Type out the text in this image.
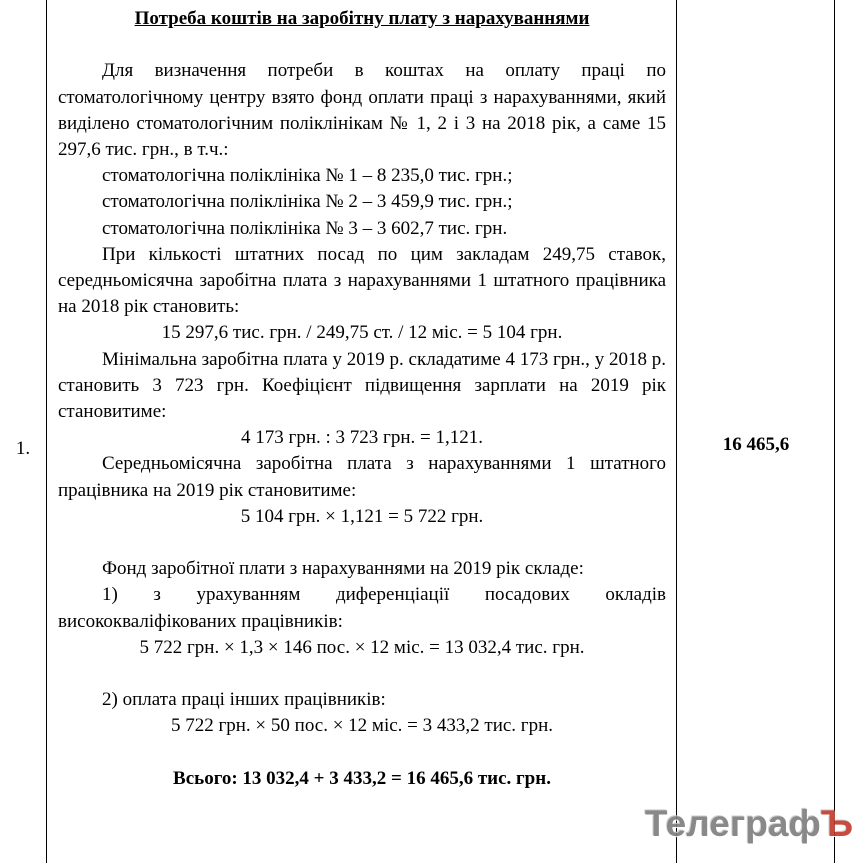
1.

Потреба коштів на заробітну плату з нарахуваннями

Для визначення потреби в коштах на оплату праці по стоматологічному центру взято фонд оплати праці з нарахуваннями, який виділено стоматологічним поліклінікам № 1, 2 і 3 на 2018 рік, а саме 15 297,6 тис. грн., в т.ч.:

стоматологічна поліклініка № 1 – 8 235,0 тис. грн.;

стоматологічна поліклініка № 2 – 3 459,9 тис. грн.;

стоматологічна поліклініка № 3 – 3 602,7 тис. грн.

При кількості штатних посад по цим закладам 249,75 ставок, середньомісячна заробітна плата з нарахуваннями 1 штатного працівника на 2018 рік становить:

15 297,6 тис. грн. / 249,75 ст. / 12 міс. = 5 104 грн.

Мінімальна заробітна плата у 2019 р. складатиме 4 173 грн., у 2018 р. становить 3 723 грн. Коефіцієнт підвищення зарплати на 2019 рік становитиме:

4 173 грн. : 3 723 грн. = 1,121.

Середньомісячна заробітна плата з нарахуваннями 1 штатного працівника на 2019 рік становитиме:

5 104 грн. × 1,121 = 5 722 грн.

Фонд заробітної плати з нарахуваннями на 2019 рік складе:

1) з урахуванням диференціації посадових окладів висококваліфікованих працівників:

5 722 грн. × 1,3 × 146 пос. × 12 міс. = 13 032,4 тис. грн.

2) оплата праці інших працівників:

5 722 грн. × 50 пос. × 12 міс. = 3 433,2 тис. грн.

Всього: 13 032,4 + 3 433,2 = 16 465,6 тис. грн.

16 465,6
ТелеграфЪ
